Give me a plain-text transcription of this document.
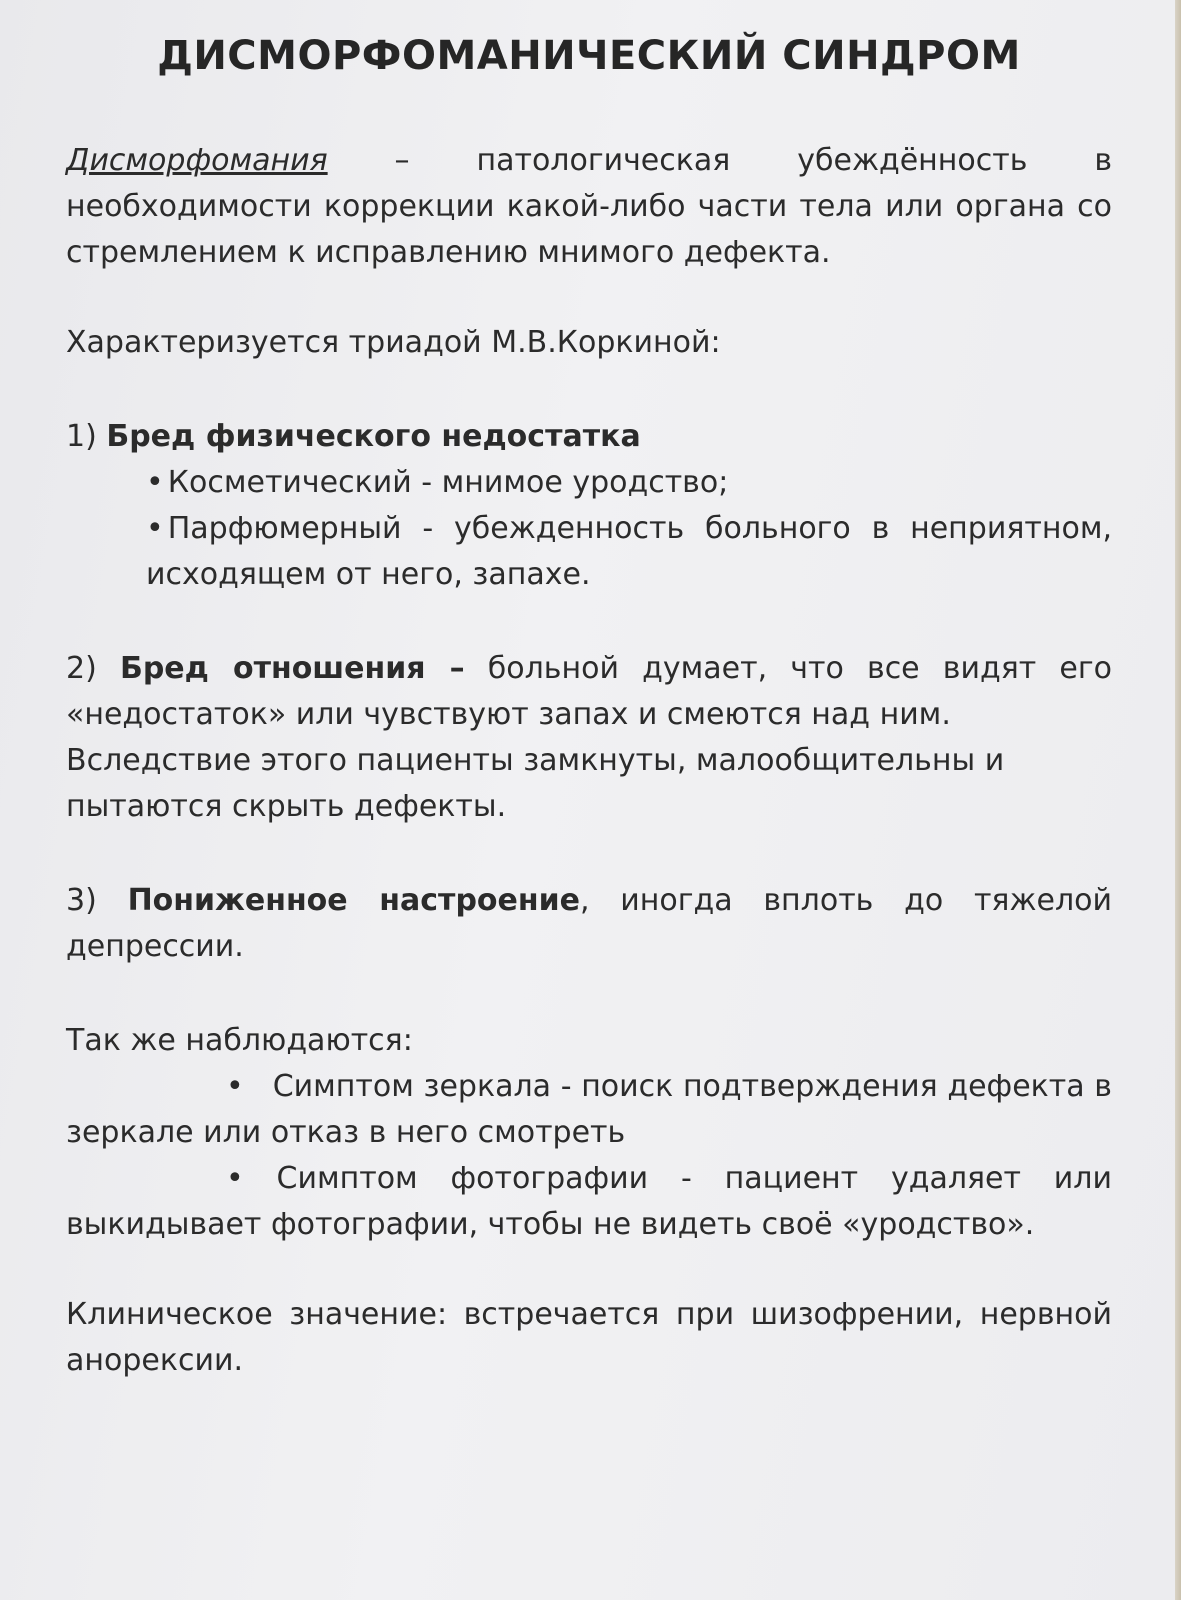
ДИСМОРФОМАНИЧЕСКИЙ СИНДРОМ

Дисморфомания – патологическая убеждённость в необходимости коррекции какой-либо части тела или органа со стремлением к исправлению мнимого дефекта.

Характеризуется триадой М.В.Коркиной:

1) Бред физического недостатка

• Косметический - мнимое уродство;
• Парфюмерный - убежденность больного в неприятном, исходящем от него, запахе.

2) Бред отношения – больной думает, что все видят его «недостаток» или чувствуют запах и смеются над ним.

Вследствие этого пациенты замкнуты, малообщительны и пытаются скрыть дефекты.

3) Пониженное настроение, иногда вплоть до тяжелой депрессии.

Так же наблюдаются:

• Симптом зеркала - поиск подтверждения дефекта в зеркале или отказ в него смотреть

• Симптом фотографии - пациент удаляет или выкидывает фотографии, чтобы не видеть своё «уродство».

Клиническое значение: встречается при шизофрении, нервной анорексии.
